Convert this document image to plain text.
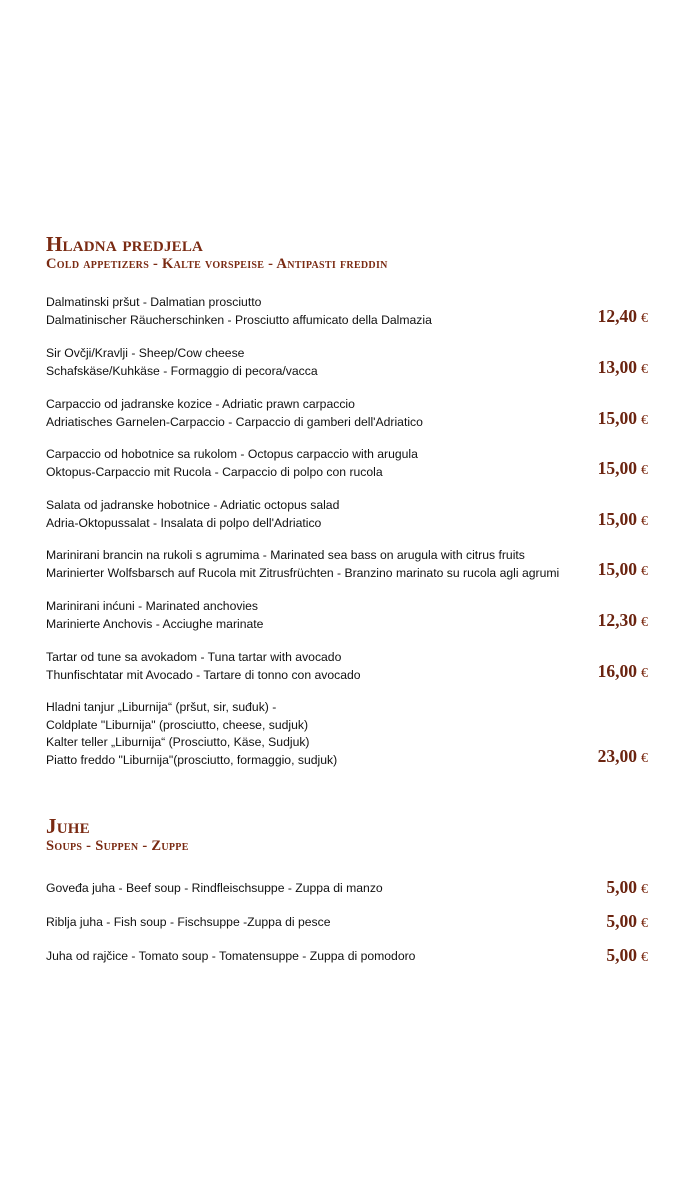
Hladna predjela
Cold appetizers - Kalte vorspeise - Antipasti freddin
Dalmatinski pršut - Dalmatian prosciutto
Dalmatinischer Räucherschinken - Prosciutto affumicato della Dalmazia	12,40 €
Sir Ovčji/Kravlji - Sheep/Cow cheese
Schafskäse/Kuhkäse - Formaggio di pecora/vacca	13,00 €
Carpaccio od jadranske kozice - Adriatic prawn carpaccio
Adriatisches Garnelen-Carpaccio - Carpaccio di gamberi dell'Adriatico	15,00 €
Carpaccio od hobotnice sa rukolom - Octopus carpaccio with arugula
Oktopus-Carpaccio mit Rucola - Carpaccio di polpo con rucola	15,00 €
Salata od jadranske hobotnice - Adriatic octopus salad
Adria-Oktopussalat - Insalata di polpo dell'Adriatico	15,00 €
Marinirani brancin na rukoli s agrumima - Marinated sea bass on arugula with citrus fruits
Marinierter Wolfsbarsch auf Rucola mit Zitrusfrüchten - Branzino marinato su rucola agli agrumi	15,00 €
Marinirani inćuni - Marinated anchovies
Marinierte Anchovis - Acciughe marinate	12,30 €
Tartar od tune sa avokadom - Tuna tartar with avocado
Thunfischtatar mit Avocado - Tartare di tonno con avocado	16,00 €
Hladni tanjur „Liburnija“ (pršut, sir, suđuk) -
Coldplate "Liburnija" (prosciutto, cheese, sudjuk)
Kalter teller „Liburnija“ (Prosciutto, Käse, Sudjuk)
Piatto freddo "Liburnija"(prosciutto, formaggio, sudjuk)	23,00 €
Juhe
Soups - Suppen - Zuppe
Goveđa juha - Beef soup - Rindfleischsuppe - Zuppa di manzo	5,00 €
Riblja juha - Fish soup - Fischsuppe -Zuppa di pesce	5,00 €
Juha od rajčice - Tomato soup - Tomatensuppe - Zuppa di pomodoro	5,00 €
